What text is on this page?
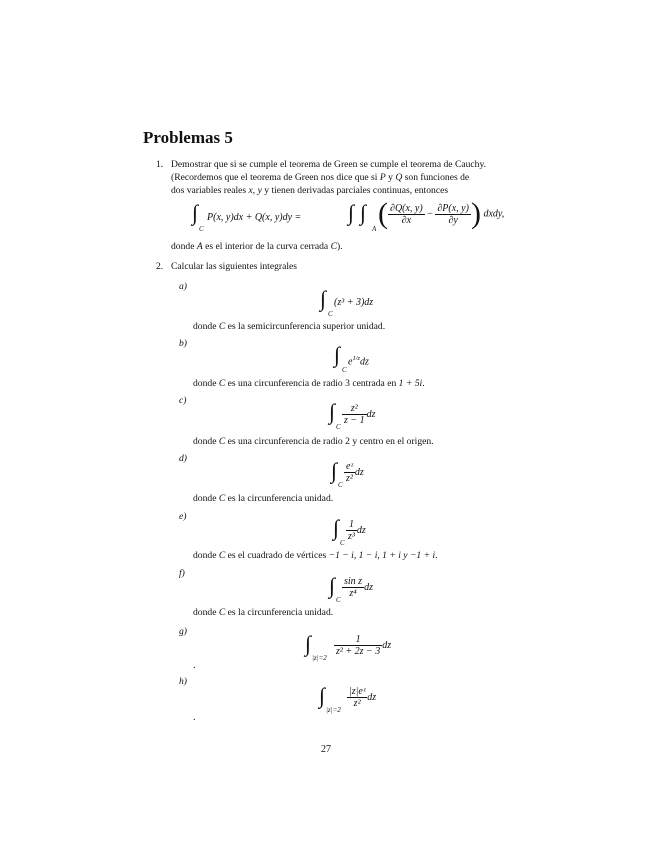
Problemas 5
1. Demostrar que si se cumple el teorema de Green se cumple el teorema de Cauchy.
(Recordemos que el teorema de Green nos dice que si P y Q son funciones de
dos variables reales x, y y tienen derivadas parciales continuas, entonces
∫
C
P(x, y)dx + Q(x, y)dy = ∫ ∫
A ( $\frac{\partial Q(x, y)}{\partial x} - \frac{\partial P(x, y)}{\partial y}$ ) dxdy,
donde A es el interior de la curva cerrada C).
2. Calcular las siguientes integrales
a)	∫
C
(z³ + 3)dz
donde C es la semicircunferencia superior unidad.
b)	∫
C
$e^{1/z}dz$
donde C es una circunferencia de radio 3 centrada en 1 + 5i.
c)	∫
C
$\frac{\text{z²}}{z - 1}$ dz
donde C es una circunferencia de radio 2 y centro en el origen.
d)	∫
C
$\frac{\text{eᶻ}}{\text{z²}}$ dz
donde C es la circunferencia unidad.
e)	∫
C
$\frac{1}{\text{z³}}$ dz
donde C es el cuadrado de vértices −1 − i, 1 − i, 1 + i y −1 + i.
f)	∫
C
$\frac{\text{sin z}}{\text{z⁴}}$ dz
donde C es la circunferencia unidad.
g)	∫
|z|=2
$\frac{1}{\text{z² + 2z − 3}}$ dz
.
h)
∫
|z|=2
$\frac{\text{|z|eᶻ}}{\text{z²}}$ dz
.
27
